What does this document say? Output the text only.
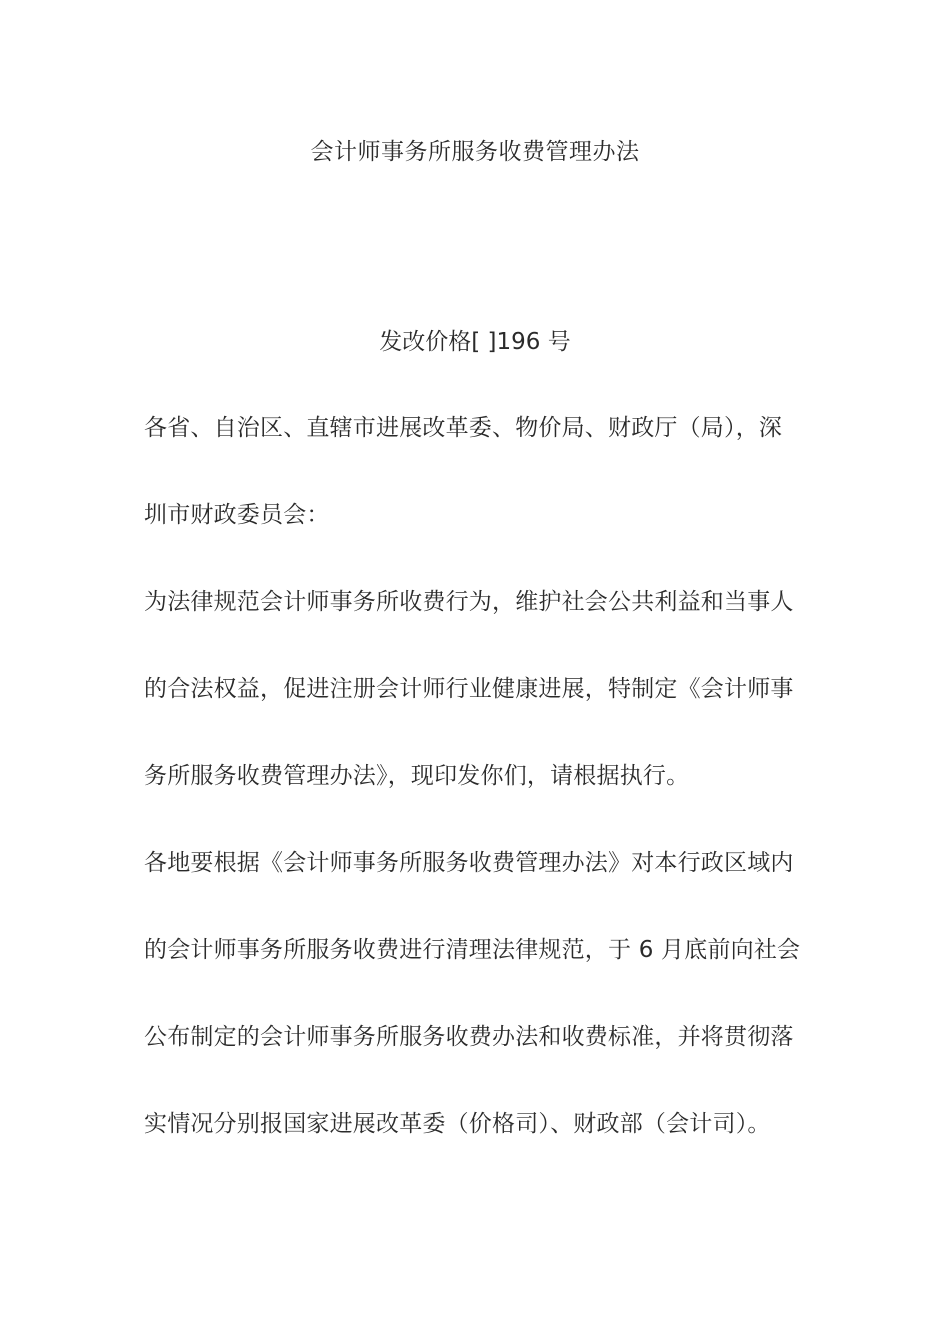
会计师事务所服务收费管理办法
发改价格[ ]196 号
各省、自治区、直辖市进展改革委、物价局、财政厅（局），深
圳市财政委员会：
为法律规范会计师事务所收费行为，维护社会公共利益和当事人
的合法权益，促进注册会计师行业健康进展，特制定《会计师事
务所服务收费管理办法》，现印发你们，请根据执行。
各地要根据《会计师事务所服务收费管理办法》对本行政区域内
的会计师事务所服务收费进行清理法律规范，于 6 月底前向社会
公布制定的会计师事务所服务收费办法和收费标准，并将贯彻落
实情况分别报国家进展改革委（价格司）、财政部（会计司）。
